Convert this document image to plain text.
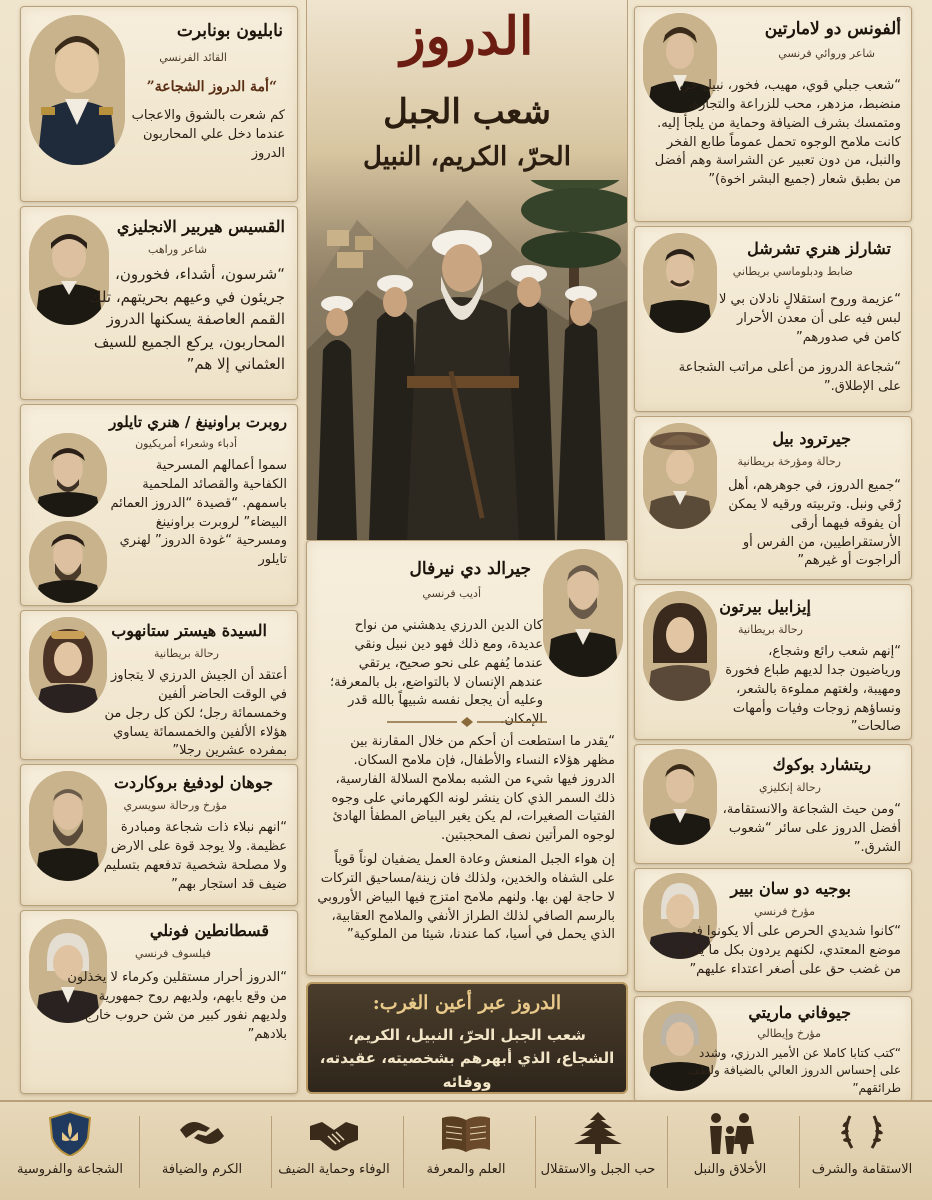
نابليون بونابرت
القائد الفرنسي
“أمة الدروز الشجاعة”
كم شعرت بالشوق والاعجاب عندما دخل علي المحاربون الدروز
القسيس هيربير الانجليزي
شاعر وراهب
“شرسون، أشداء، فخورون، جريئون في وعيهم بحريتهم، تلك القمم العاصفة يسكنها الدروز المحاربون، يركع الجميع للسيف العثماني إلا هم”
روبرت براونينغ / هنري تايلور
أدباء وشعراء أمريكيون
سموا أعمالهم المسرحية الكفاحية والقصائد الملحمية باسمهم. “قصيدة “الدروز العمائم البيضاء” لروبرت براونينغ ومسرحية “غودة الدروز” لهنري تايلور
السيدة هيستر ستانهوب
رحالة بريطانية
أعتقد أن الجيش الدرزي لا يتجاوز في الوقت الحاضر ألفين وخمسمائة رجل؛ لكن كل رجل من هؤلاء الألفين والخمسمائة يساوي بمفرده عشرين رجلا”
جوهان لودفيغ بروكاردت
مؤرخ ورحالة سويسري
“انهم نبلاء ذات شجاعة ومبادرة عظيمة. ولا يوجد قوة على الارض ولا مصلحة شخصية تدفعهم بتسليم ضيف قد استجار بهم”
قسطانطين فونلي
فيلسوف فرنسي
“الدروز أحرار مستقلين وكرماء لا يخذلون من وقع بابهم، ولديهم روح جمهورية ولديهم نفور كبير من شن حروب خارج بلادهم”
ألفونس دو لامارتين
شاعر وروائي فرنسي
“شعب جبلي قوي، مهيب، فخور، نبيل جر، منضبط، مزدهر، محب للزراعة والتجارة، ومتمسك بشرف الضيافة وحماية من يلجأ إليه. كانت ملامح الوجوه تحمل عموماً طابع الفخر والنبل، من دون تعبير عن الشراسة وهم أفضل من بطبق شعار (جميع البشر اخوة)”
تشارلز هنري تشرشل
ضابط ودبلوماسي بريطاني
“عزيمة وروح استقلالٍ نادلان بي لا لبس فيه على أن معدن الأحرار كامن في صدورهم”
“شجاعة الدروز من أعلى مراتب الشجاعة على الإطلاق.”
جيرترود بيل
رحالة ومؤرخة بريطانية
“جميع الدروز، في جوهرهم، أهل رُقي ونبل. وتربيته ورقيه لا يمكن أن يفوقه فيهما أرقى الأرستقراطيين، من الفرس أو ألراجوت أو غيرهم”
إيزابيل بيرتون
رحالة بريطانية
“إنهم شعب رائع وشجاع، ورياضيون جدا لديهم طباع فخورة ومهيبة، ولغتهم مملوءة بالشعر، ونساؤهم زوجات وفيات وأمهات صالحات”
ريتشارد بوكوك
رحالة إنكليزي
“ومن حيث الشجاعة والانستقامة، أفضل الدروز على سائر “شعوب الشرق.”
بوجيه دو سان بيير
مؤرخ فرنسي
“كانوا شديدي الحرص على ألا يكونوا في موضع المعتدي، لكنهم يردون بكل ما يلزم من غضب حق على أصغر اعتداء عليهم”
جيوفاني ماريتي
مؤرخ وإيطالي
“كتب كتابا كاملا عن الأمير الدرزي، وشدد على إحساس الدروز العالي بالضيافة ولطف طرائقهم”
الدروز
شعب الجبل
الحرّ، الكريم، النبيل
جيرالد دي نيرفال
أديب فرنسي
كان الدين الدرزي يدهشني من نواح عديدة، ومع ذلك فهو دين نبيل ونقي عندما يُفهم على نحو صحيح، يرتقي عندهم الإنسان لا بالتواضع، بل بالمعرفة؛ وعليه أن يجعل نفسه شبيهاً بالله قدر الإمكان.
“يقدر ما استطعت أن أحكم من خلال المقارنة بين مظهر هؤلاء النساء والأطفال، فإن ملامح السكان. الدروز فيها شيء من الشبه بملامح السلالة الفارسية، ذلك السمر الذي كان ينشر لونه الكهرماني على وجوه الفتيات الصغيرات، لم يكن يغير البياض المطفأ الهادئ لوجوه المرأتين نصف المحجبتين.
إن هواء الجبل المنعش وعادة العمل يضفيان لوناً قوياً على الشفاه والخدين، ولذلك فان زينة/مساحيق التركات لا حاجة لهن بها. ولنهم ملامح امتزج فيها البياض الأوروبي بالرسم الصافي لذلك الطراز الأنفي والملامح العقابية، الذي يحمل في أسيا، كما عندنا، شيئا من الملوكية”
الدروز عبر أعين الغرب:
شعب الجبل الحرّ، النبيل، الكريم، الشجاع، الذي أبهرهم بشخصيته، عقيدته، ووفائه
الاستقامة والشرف
الأخلاق والنبل
حب الجبل والاستقلال
العلم والمعرفة
الوفاء وحماية الضيف
الكرم والضيافة
الشجاعة والفروسية
